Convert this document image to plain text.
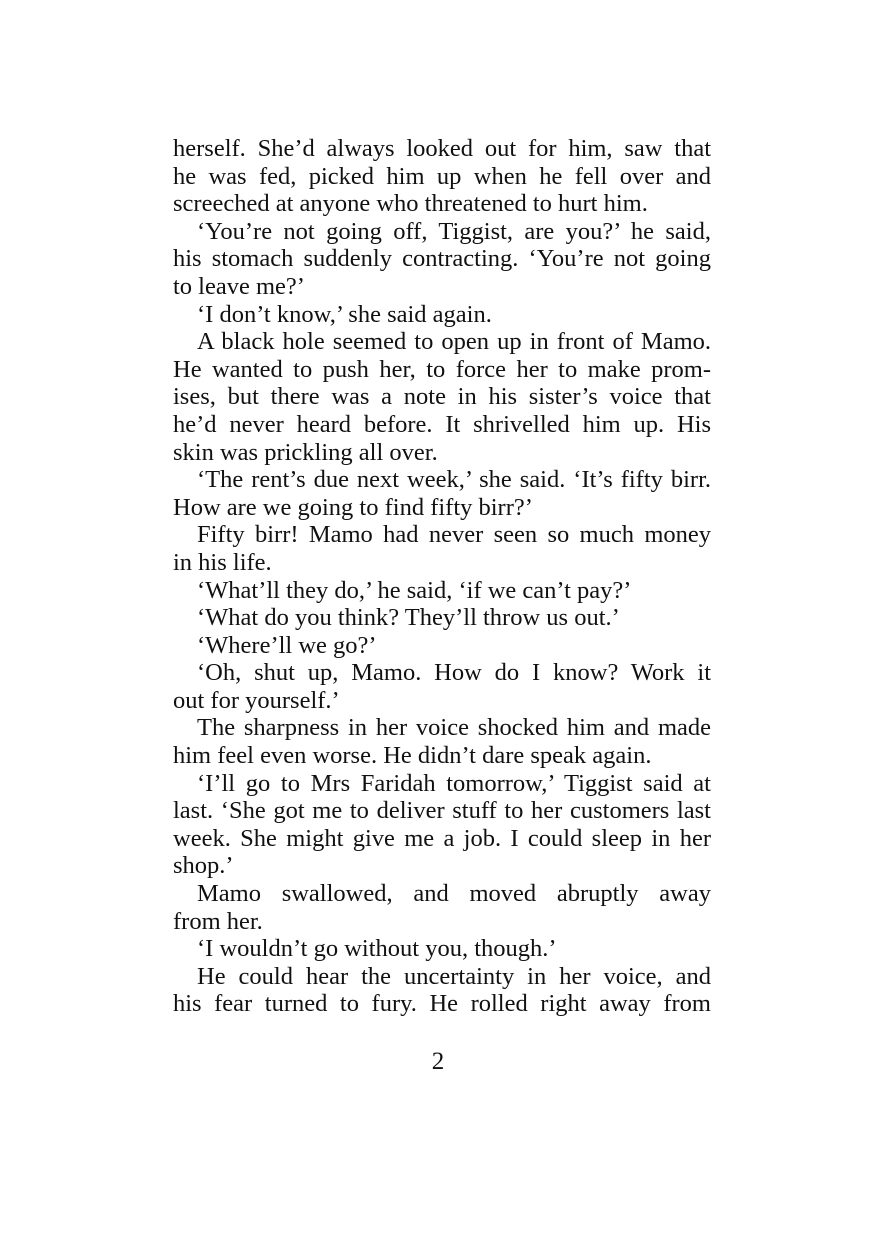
herself. She’d always looked out for him, saw that
he was fed, picked him up when he fell over and
screeched at anyone who threatened to hurt him.
‘You’re not going off, Tiggist, are you?’ he said,
his stomach suddenly contracting. ‘You’re not going
to leave me?’
‘I don’t know,’ she said again.
A black hole seemed to open up in front of Mamo.
He wanted to push her, to force her to make prom-
ises, but there was a note in his sister’s voice that
he’d never heard before. It shrivelled him up. His
skin was prickling all over.
‘The rent’s due next week,’ she said. ‘It’s fifty birr.
How are we going to find fifty birr?’
Fifty birr! Mamo had never seen so much money
in his life.
‘What’ll they do,’ he said, ‘if we can’t pay?’
‘What do you think? They’ll throw us out.’
‘Where’ll we go?’
‘Oh, shut up, Mamo. How do I know? Work it
out for yourself.’
The sharpness in her voice shocked him and made
him feel even worse. He didn’t dare speak again.
‘I’ll go to Mrs Faridah tomorrow,’ Tiggist said at
last. ‘She got me to deliver stuff to her customers last
week. She might give me a job. I could sleep in her
shop.’
Mamo swallowed, and moved abruptly away
from her.
‘I wouldn’t go without you, though.’
He could hear the uncertainty in her voice, and
his fear turned to fury. He rolled right away from
2
